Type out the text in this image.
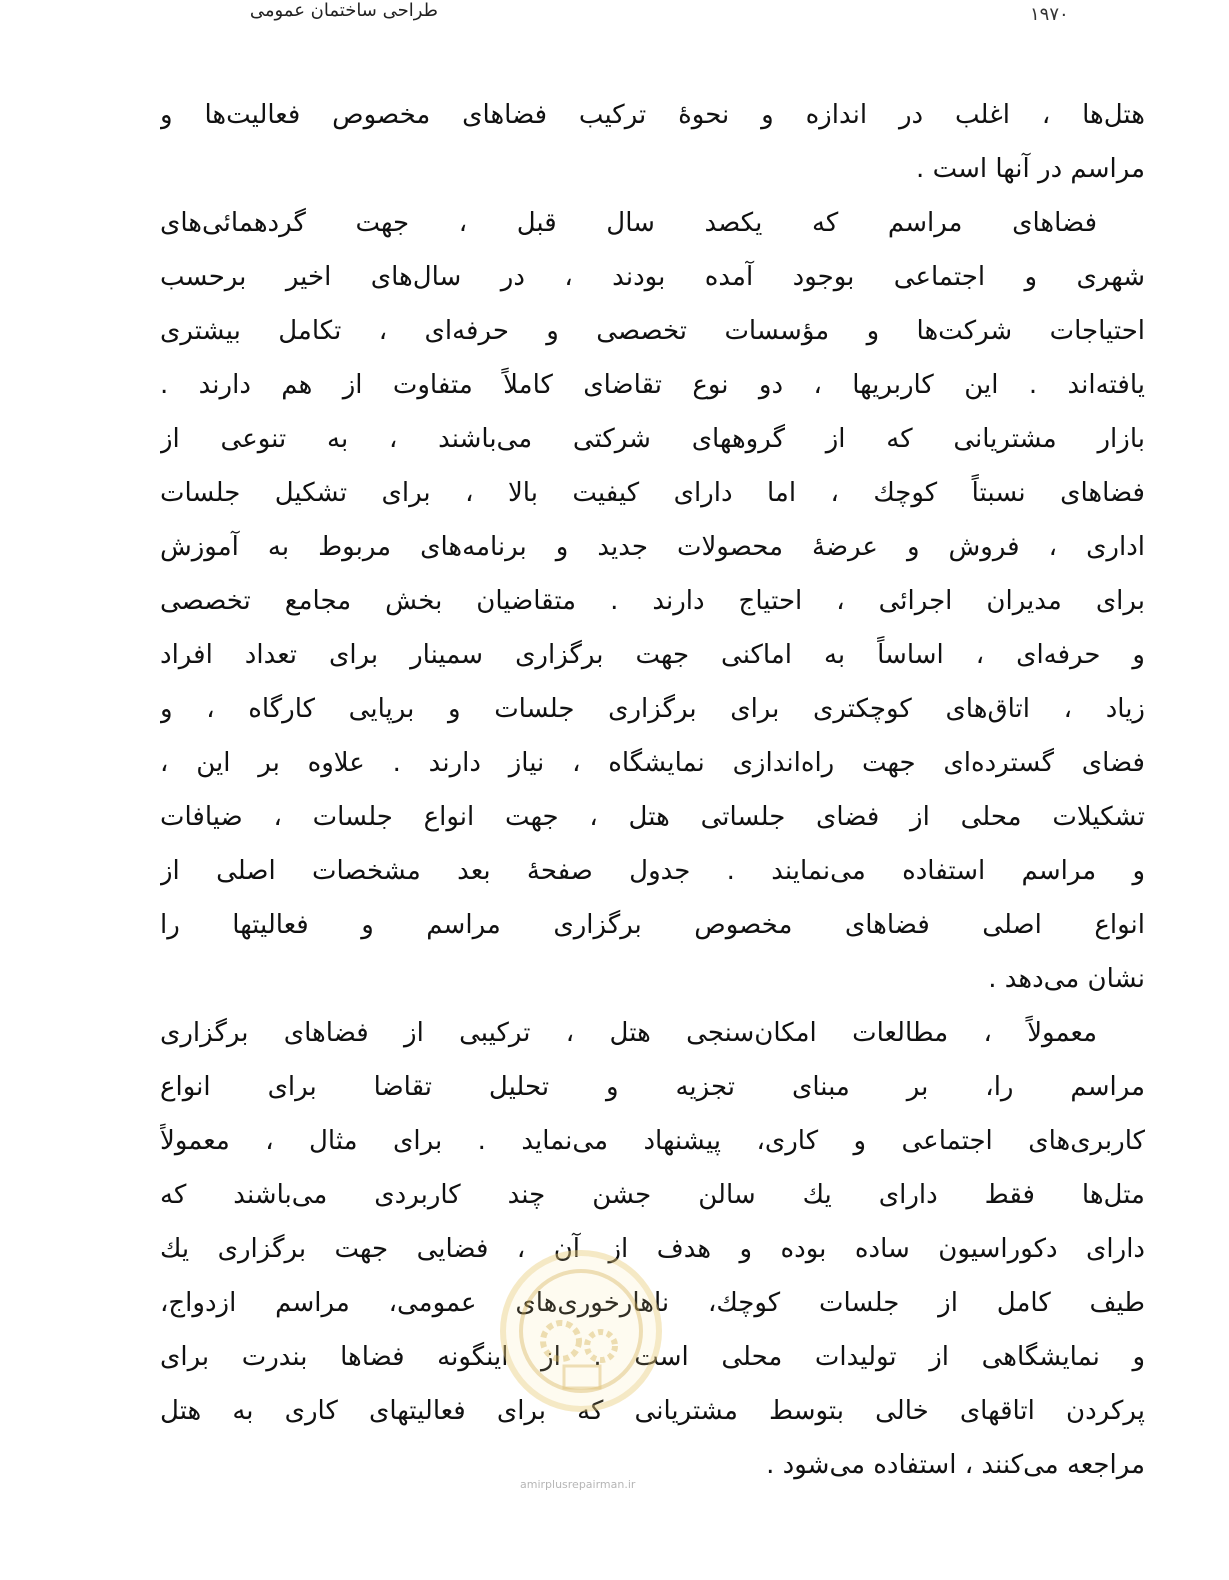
طراحی ساختمان عمومی	۱۹۷۰
هتل‌ها ، اغلب در اندازه و نحوهٔ ترکیب فضاهای مخصوص فعالیت‌ها و
مراسم در آنها است .
فضاهای مراسم که یکصد سال قبل ، جهت گردهمائی‌های
شهری و اجتماعی بوجود آمده بودند ، در سال‌های اخیر برحسب
احتیاجات شرکت‌ها و مؤسسات تخصصی و حرفه‌ای ، تکامل بیشتری
یافته‌اند . این کاربریها ، دو نوع تقاضای کاملاً متفاوت از هم دارند .
بازار مشتریانی که از گروههای شرکتی می‌باشند ، به تنوعی از
فضاهای نسبتاً کوچك ، اما دارای کیفیت بالا ، برای تشکیل جلسات
اداری ، فروش و عرضهٔ محصولات جدید و برنامه‌های مربوط به آموزش
برای مدیران اجرائی ، احتیاج دارند . متقاضیان بخش مجامع تخصصی
و حرفه‌ای ، اساساً به اماکنی جهت برگزاری سمینار برای تعداد افراد
زیاد ، اتاق‌های کوچکتری برای برگزاری جلسات و برپایی کارگاه ، و
فضای گسترده‌ای جهت راه‌اندازی نمایشگاه ، نیاز دارند . علاوه بر این ،
تشکیلات محلی از فضای جلساتی هتل ، جهت انواع جلسات ، ضیافات
و مراسم استفاده می‌نمایند . جدول صفحهٔ بعد مشخصات اصلی از
انواع اصلی فضاهای مخصوص برگزاری مراسم و فعالیتها را
نشان می‌دهد .
معمولاً ، مطالعات امکان‌سنجی هتل ، ترکیبی از فضاهای برگزاری
مراسم را، بر مبنای تجزیه و تحلیل تقاضا برای انواع
کاربری‌های اجتماعی و کاری، پیشنهاد می‌نماید . برای مثال ، معمولاً
متل‌ها فقط دارای یك سالن جشن چند کاربردی می‌باشند که
دارای دکوراسیون ساده بوده و هدف از آن ، فضایی جهت برگزاری یك
طیف کامل از جلسات کوچك، ناهارخوری‌های عمومی، مراسم ازدواج،
و نمایشگاهی از تولیدات محلی است . از اینگونه فضاها بندرت برای
پرکردن اتاقهای خالی بتوسط مشتریانی که برای فعالیتهای کاری به هتل
مراجعه می‌کنند ، استفاده می‌شود .
amirplusrepairman.ir
